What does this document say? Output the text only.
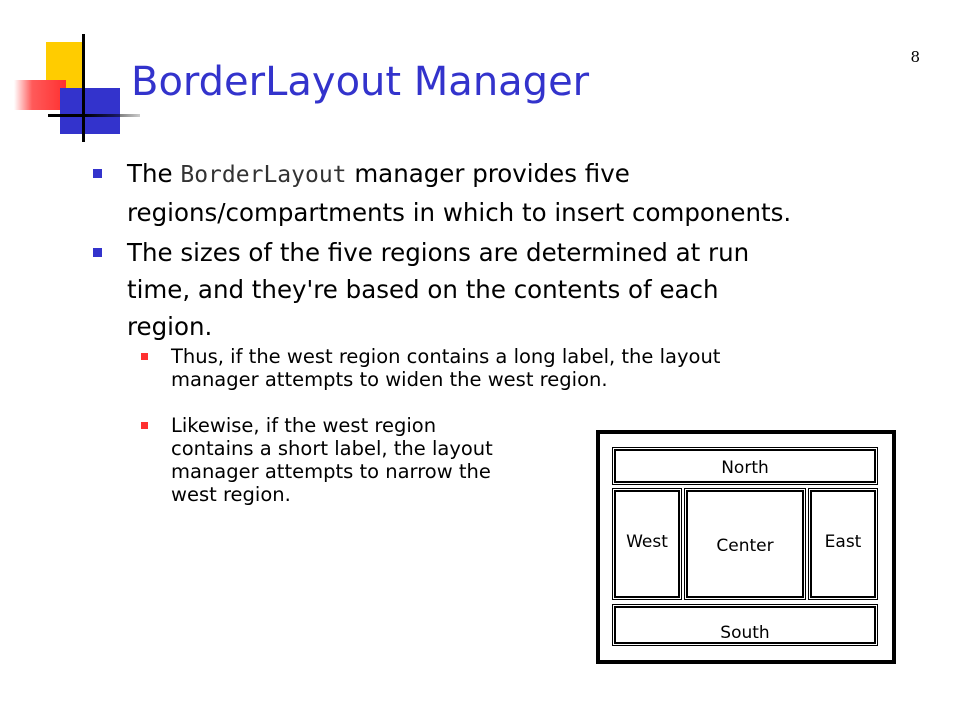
BorderLayout Manager
8
The BorderLayout manager provides five
regions/compartments in which to insert components.
The sizes of the five regions are determined at run
time, and they're based on the contents of each
region.
Thus, if the west region contains a long label, the layout
manager attempts to widen the west region.
Likewise, if the west region
contains a short label, the layout
manager attempts to narrow the
west region.
North
West	Center	East
South
